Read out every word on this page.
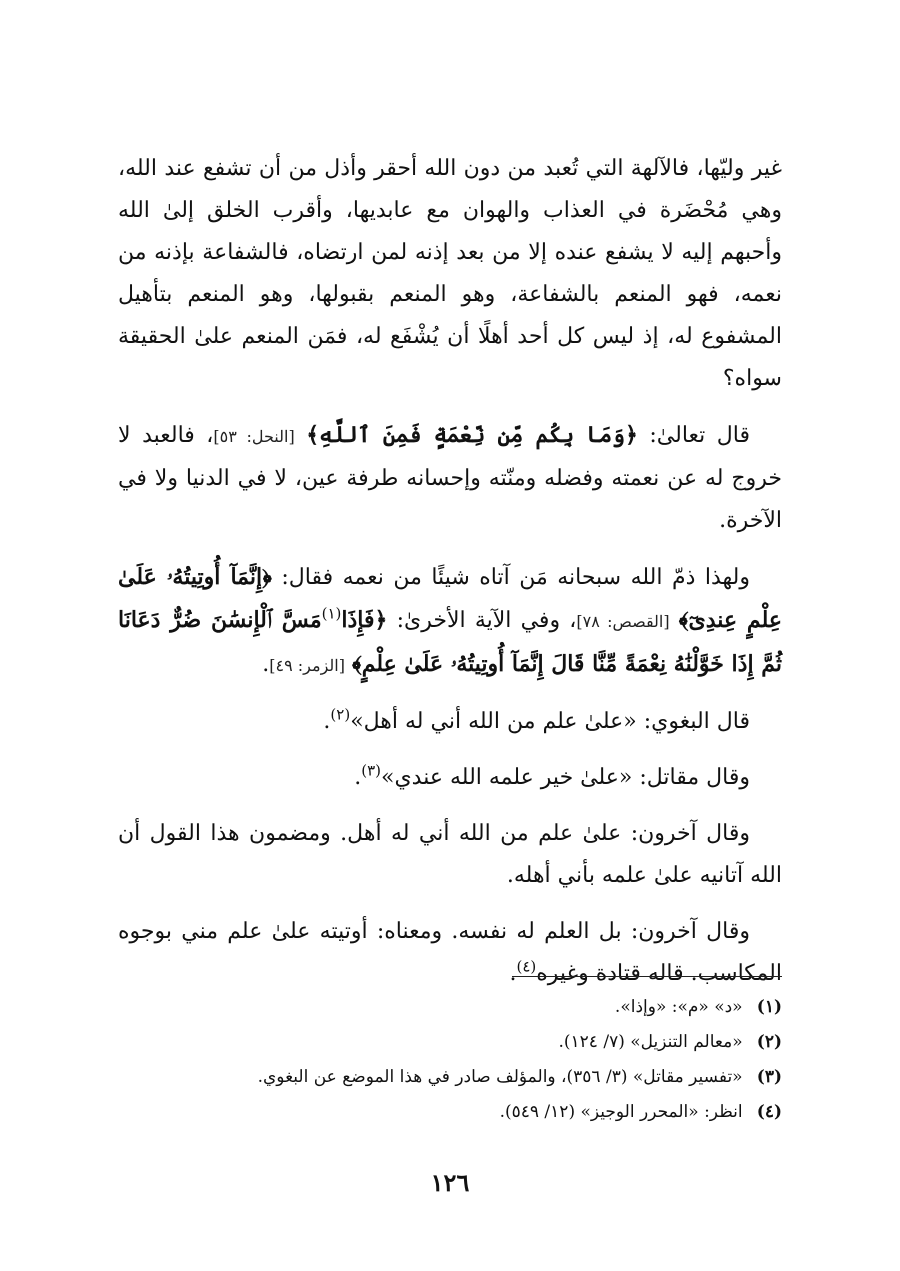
غير وليّها، فالآلهة التي تُعبد من دون الله أحقر وأذل من أن تشفع عند الله، وهي مُحْضَرة في العذاب والهوان مع عابديها، وأقرب الخلق إلىٰ الله وأحبهم إليه لا يشفع عنده إلا من بعد إذنه لمن ارتضاه، فالشفاعة بإذنه من نعمه، فهو المنعم بالشفاعة، وهو المنعم بقبولها، وهو المنعم بتأهيل المشفوع له، إذ ليس كل أحد أهلًا أن يُشْفَع له، فمَن المنعم علىٰ الحقيقة سواه؟

قال تعالىٰ: ﴿وَمَا بِكُم مِّن نِّعْمَةٍ فَمِنَ ٱللَّهِ﴾ [النحل: ٥٣]، فالعبد لا خروج له عن نعمته وفضله ومنّته وإحسانه طرفة عين، لا في الدنيا ولا في الآخرة.

ولهذا ذمّ الله سبحانه مَن آتاه شيئًا من نعمه فقال: ﴿إِنَّمَآ أُوتِيتُهُۥ عَلَىٰ عِلْمٍ عِندِىٓ﴾ [القصص: ٧٨]، وفي الآية الأخرىٰ: ﴿فَإِذَا$^{(١)}$مَسَّ ٱلْإِنسَٰنَ ضُرٌّ دَعَانَا ثُمَّ إِذَا خَوَّلْنَٰهُ نِعْمَةً مِّنَّا قَالَ إِنَّمَآ أُوتِيتُهُۥ عَلَىٰ عِلْمٍ﴾ [الزمر: ٤٩].

قال البغوي: «علىٰ علم من الله أني له أهل»$^{(٢)}$.

وقال مقاتل: «علىٰ خير علمه الله عندي»$^{(٣)}$.

وقال آخرون: علىٰ علم من الله أني له أهل. ومضمون هذا القول أن الله آتانيه علىٰ علمه بأني أهله.

وقال آخرون: بل العلم له نفسه. ومعناه: أوتيته علىٰ علم مني بوجوه المكاسب. قاله قتادة وغيره$^{(٤)}$.

(١) «د» «م»: «وإذا».

(٢) «معالم التنزيل» (٧/ ١٢٤).

(٣) «تفسير مقاتل» (٣/ ٣٥٦)، والمؤلف صادر في هذا الموضع عن البغوي.

(٤) انظر: «المحرر الوجيز» (١٢/ ٥٤٩).

١٢٦
